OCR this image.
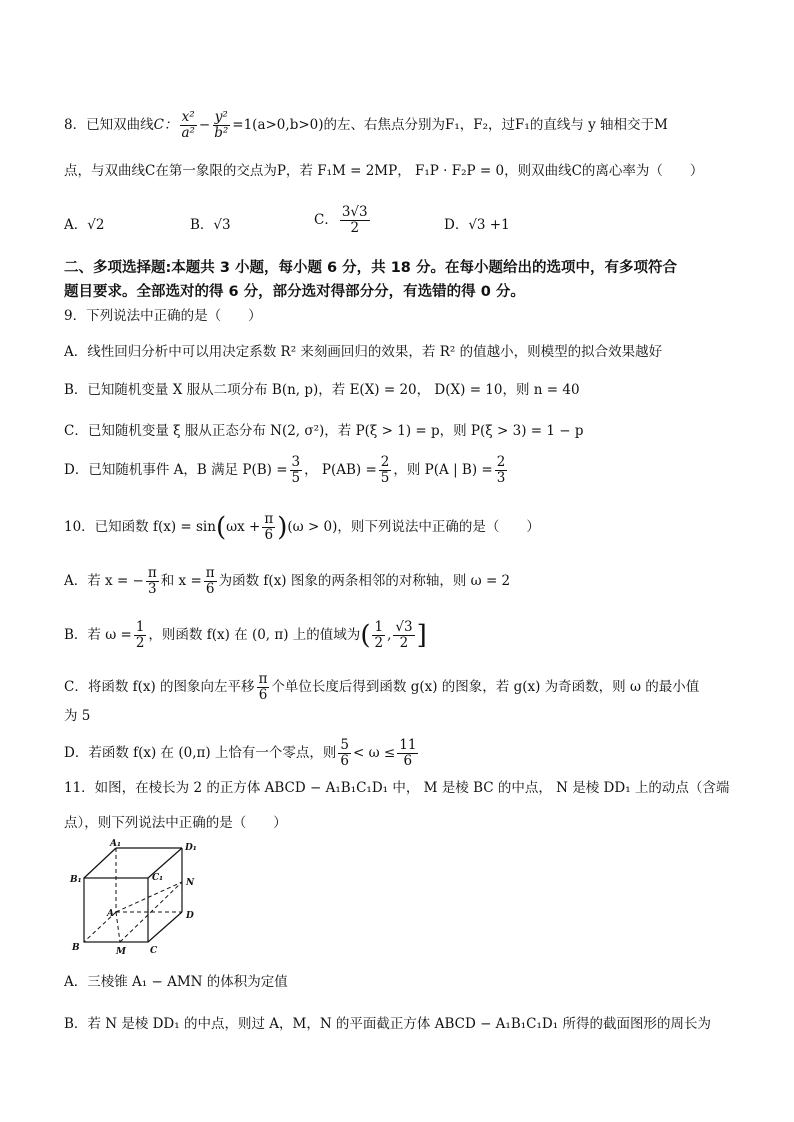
8．已知双曲线C： $\frac{\text{x²}}{\text{a²}} - \frac{\text{y²}}{\text{b²}} =1(a>0,b>0)$的左、右焦点分别为F₁，F₂，过F₁的直线与 y 轴相交于M
点，与双曲线C在第一象限的交点为P，若 F₁M = 2MP， F₁P · F₂P = 0，则双曲线C的离心率为（　　）
A．√2	B．√3	C． $\frac{3√3}{2}$	D．√3 +1
二、多项选择题:本题共 3 小题，每小题 6 分，共 18 分。在每小题给出的选项中，有多项符合
题目要求。全部选对的得 6 分，部分选对得部分分，有选错的得 0 分。
9．下列说法中正确的是（　　）
A．线性回归分析中可以用决定系数 R² 来刻画回归的效果，若 R² 的值越小，则模型的拟合效果越好
B．已知随机变量 X 服从二项分布 B(n, p)，若 E(X) = 20， D(X) = 10，则 n = 40
C．已知随机变量 ξ 服从正态分布 N(2, σ²)，若 P(ξ > 1) = p，则 P(ξ > 3) = 1 − p
D．已知随机事件 A，B 满足 $P(B) = \frac{3}{5}$ ， $P(AB) = \frac{2}{5}$ ，则 P(A | $B) = \frac{2}{3}$
10．已知函数 $f(x) = \sin(\omega x + \frac{\pi}{6} )(\omega > 0)$，则下列说法中正确的是（　　）
A．若 x = − $\frac{\pi}{3}$ 和 $x = \frac{\pi}{6}$ 为函数 f(x) 图象的两条相邻的对称轴，则 ω = 2
B．若 $\omega = \frac{1}{2}$ ，则函数 f(x) 在 (0, π) 上的值域为( $\frac{1}{2}$ , $\frac{√3}{2}$ ]
C．将函数 f(x) 的图象向左平移 $\frac{\pi}{6}$ 个单位长度后得到函数 g(x) 的图象，若 g(x) 为奇函数，则 ω 的最小值
为 5
D．若函数 f(x) 在 (0,π) 上恰有一个零点，则 $\frac{5}{6} < \omega \le \frac{11}{6}$
11．如图，在棱长为 2 的正方体 ABCD − A₁B₁C₁D₁ 中， M 是棱 BC 的中点， N 是棱 DD₁ 上的动点（含端
点），则下列说法中正确的是（　　）
A₁	D₁
B₁	C₁	N
A	D
B	M	C
A．三棱锥 A₁ − AMN 的体积为定值
B．若 N 是棱 DD₁ 的中点，则过 A，M，N 的平面截正方体 ABCD − A₁B₁C₁D₁ 所得的截面图形的周长为
